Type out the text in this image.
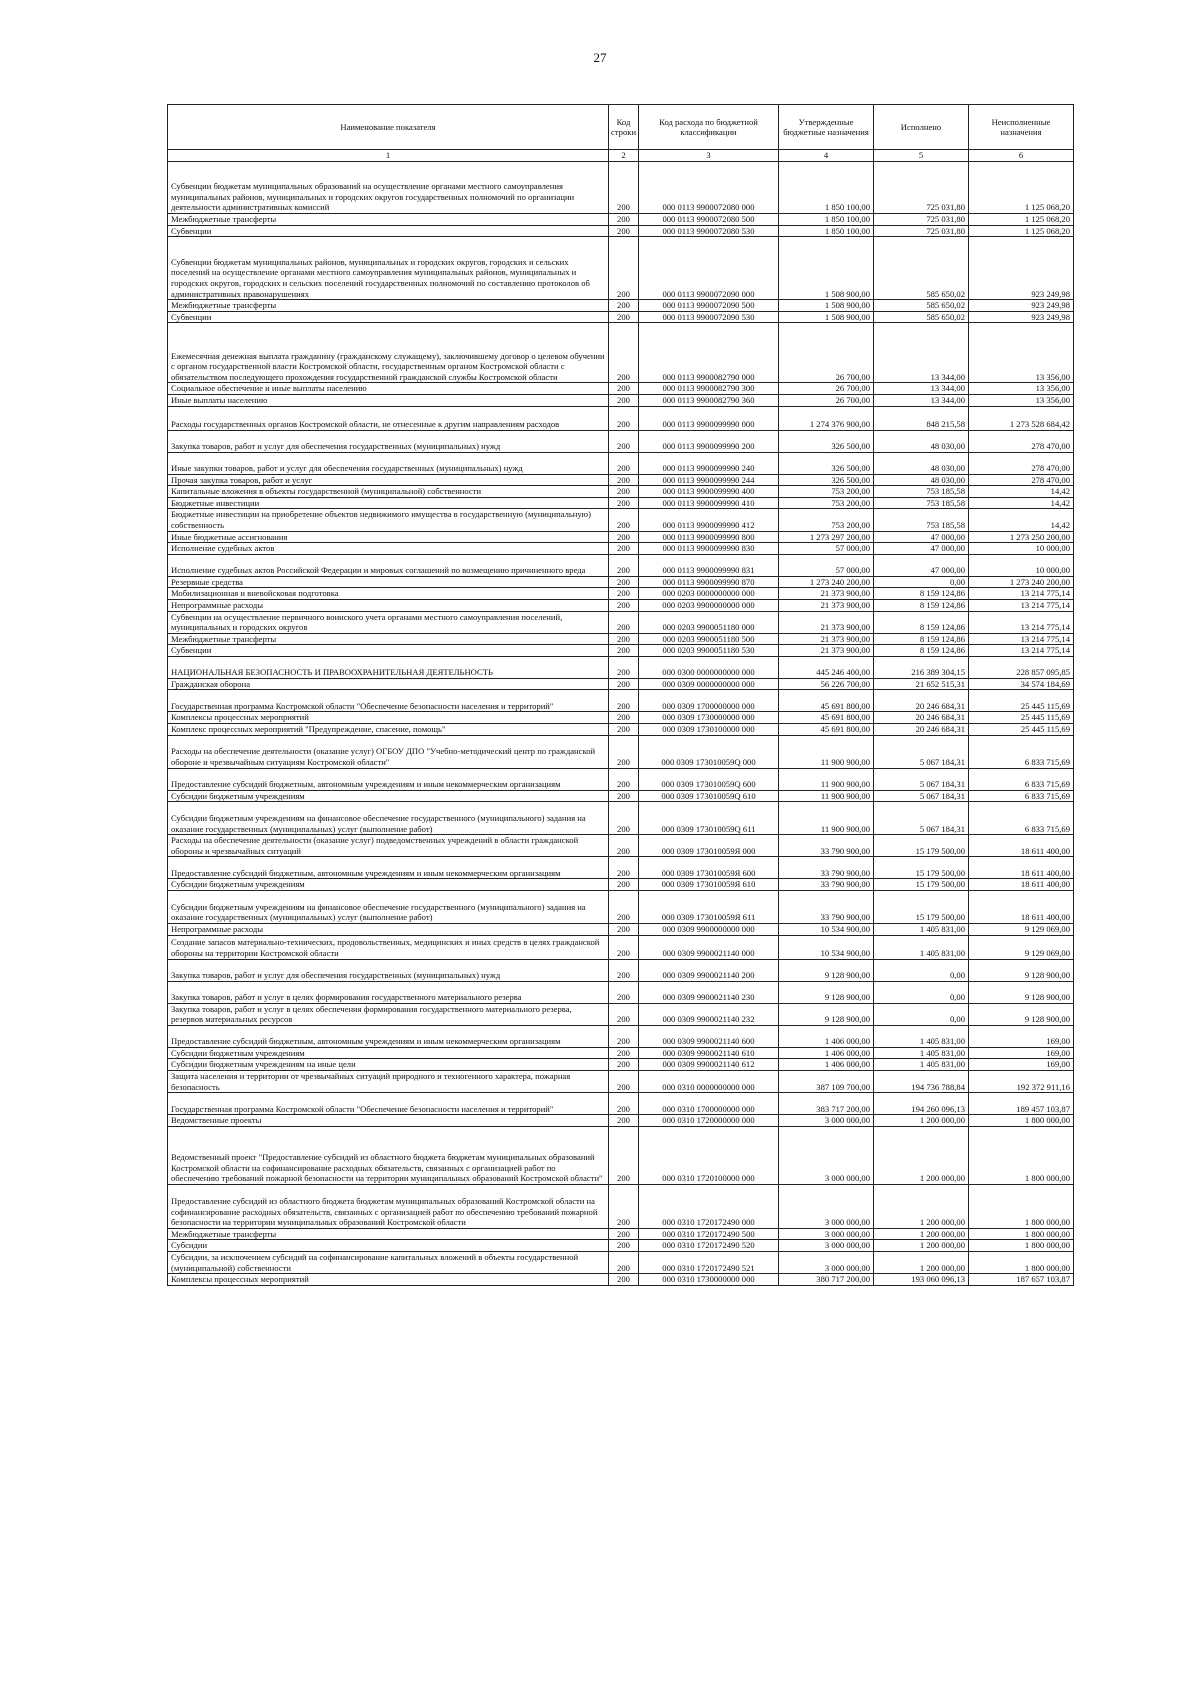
27
Наименование показателя	Код строки	Код расхода по бюджетной классификации	Утвержденные бюджетные назначения	Исполнено	Неисполненные назначения
1	2	3	4	5	6
Субвенции бюджетам муниципальных образований на осуществление органами местного самоуправления муниципальных районов, муниципальных и городских округов государственных полномочий по организации деятельности административных комиссий	200	000 0113 9900072080 000	1 850 100,00	725 031,80	1 125 068,20
Межбюджетные трансферты	200	000 0113 9900072080 500	1 850 100,00	725 031,80	1 125 068,20
Субвенции	200	000 0113 9900072080 530	1 850 100,00	725 031,80	1 125 068,20
Субвенции бюджетам муниципальных районов, муниципальных и городских округов, городских и сельских поселений на осуществление органами местного самоуправления муниципальных районов, муниципальных и городских округов, городских и сельских поселений государственных полномочий по составлению протоколов об административных правонарушениях	200	000 0113 9900072090 000	1 508 900,00	585 650,02	923 249,98
Межбюджетные трансферты	200	000 0113 9900072090 500	1 508 900,00	585 650,02	923 249,98
Субвенции	200	000 0113 9900072090 530	1 508 900,00	585 650,02	923 249,98
Ежемесячная денежная выплата гражданину (гражданскому служащему), заключившему договор о целевом обучении с органом государственной власти Костромской области, государственным органом Костромской области с обязательством последующего прохождения государственной гражданской службы Костромской области	200	000 0113 9900082790 000	26 700,00	13 344,00	13 356,00
Социальное обеспечение и иные выплаты населению	200	000 0113 9900082790 300	26 700,00	13 344,00	13 356,00
Иные выплаты населению	200	000 0113 9900082790 360	26 700,00	13 344,00	13 356,00
Расходы государственных органов Костромской области, не отнесенные к другим направлениям расходов	200	000 0113 9900099990 000	1 274 376 900,00	848 215,58	1 273 528 684,42
Закупка товаров, работ и услуг для обеспечения государственных (муниципальных) нужд	200	000 0113 9900099990 200	326 500,00	48 030,00	278 470,00
Иные закупки товаров, работ и услуг для обеспечения государственных (муниципальных) нужд	200	000 0113 9900099990 240	326 500,00	48 030,00	278 470,00
Прочая закупка товаров, работ и услуг	200	000 0113 9900099990 244	326 500,00	48 030,00	278 470,00
Капитальные вложения в объекты государственной (муниципальной) собственности	200	000 0113 9900099990 400	753 200,00	753 185,58	14,42
Бюджетные инвестиции	200	000 0113 9900099990 410	753 200,00	753 185,58	14,42
Бюджетные инвестиции на приобретение объектов недвижимого имущества в государственную (муниципальную) собственность	200	000 0113 9900099990 412	753 200,00	753 185,58	14,42
Иные бюджетные ассигнования	200	000 0113 9900099990 800	1 273 297 200,00	47 000,00	1 273 250 200,00
Исполнение судебных актов	200	000 0113 9900099990 830	57 000,00	47 000,00	10 000,00
Исполнение судебных актов Российской Федерации и мировых соглашений по возмещению причиненного вреда	200	000 0113 9900099990 831	57 000,00	47 000,00	10 000,00
Резервные средства	200	000 0113 9900099990 870	1 273 240 200,00	0,00	1 273 240 200,00
Мобилизационная и вневойсковая подготовка	200	000 0203 0000000000 000	21 373 900,00	8 159 124,86	13 214 775,14
Непрограммные расходы	200	000 0203 9900000000 000	21 373 900,00	8 159 124,86	13 214 775,14
Субвенции на осуществление первичного воинского учета органами местного самоуправления поселений, муниципальных и городских округов	200	000 0203 9900051180 000	21 373 900,00	8 159 124,86	13 214 775,14
Межбюджетные трансферты	200	000 0203 9900051180 500	21 373 900,00	8 159 124,86	13 214 775,14
Субвенции	200	000 0203 9900051180 530	21 373 900,00	8 159 124,86	13 214 775,14
НАЦИОНАЛЬНАЯ БЕЗОПАСНОСТЬ И ПРАВООХРАНИТЕЛЬНАЯ ДЕЯТЕЛЬНОСТЬ	200	000 0300 0000000000 000	445 246 400,00	216 389 304,15	228 857 095,85
Гражданская оборона	200	000 0309 0000000000 000	56 226 700,00	21 652 515,31	34 574 184,69
Государственная программа Костромской области "Обеспечение безопасности населения и территорий"	200	000 0309 1700000000 000	45 691 800,00	20 246 684,31	25 445 115,69
Комплексы процессных мероприятий	200	000 0309 1730000000 000	45 691 800,00	20 246 684,31	25 445 115,69
Комплекс процессных мероприятий "Предупреждение, спасение, помощь"	200	000 0309 1730100000 000	45 691 800,00	20 246 684,31	25 445 115,69
Расходы на обеспечение деятельности (оказание услуг) ОГБОУ ДПО "Учебно-методический центр по гражданской обороне и чрезвычайным ситуациям Костромской области"	200	000 0309 173010059Q 000	11 900 900,00	5 067 184,31	6 833 715,69
Предоставление субсидий бюджетным, автономным учреждениям и иным некоммерческим организациям	200	000 0309 173010059Q 600	11 900 900,00	5 067 184,31	6 833 715,69
Субсидии бюджетным учреждениям	200	000 0309 173010059Q 610	11 900 900,00	5 067 184,31	6 833 715,69
Субсидии бюджетным учреждениям на финансовое обеспечение государственного (муниципального) задания на оказание государственных (муниципальных) услуг (выполнение работ)	200	000 0309 173010059Q 611	11 900 900,00	5 067 184,31	6 833 715,69
Расходы на обеспечение деятельности (оказание услуг) подведомственных учреждений в области гражданской обороны и чрезвычайных ситуаций	200	000 0309 173010059Я 000	33 790 900,00	15 179 500,00	18 611 400,00
Предоставление субсидий бюджетным, автономным учреждениям и иным некоммерческим организациям	200	000 0309 173010059Я 600	33 790 900,00	15 179 500,00	18 611 400,00
Субсидии бюджетным учреждениям	200	000 0309 173010059Я 610	33 790 900,00	15 179 500,00	18 611 400,00
Субсидии бюджетным учреждениям на финансовое обеспечение государственного (муниципального) задания на оказание государственных (муниципальных) услуг (выполнение работ)	200	000 0309 173010059Я 611	33 790 900,00	15 179 500,00	18 611 400,00
Непрограммные расходы	200	000 0309 9900000000 000	10 534 900,00	1 405 831,00	9 129 069,00
Создание запасов материально-технических, продовольственных, медицинских и иных средств в целях гражданской обороны на территории Костромской области	200	000 0309 9900021140 000	10 534 900,00	1 405 831,00	9 129 069,00
Закупка товаров, работ и услуг для обеспечения государственных (муниципальных) нужд	200	000 0309 9900021140 200	9 128 900,00	0,00	9 128 900,00
Закупка товаров, работ и услуг в целях формирования государственного материального резерва	200	000 0309 9900021140 230	9 128 900,00	0,00	9 128 900,00
Закупка товаров, работ и услуг в целях обеспечения формирования государственного материального резерва, резервов материальных ресурсов	200	000 0309 9900021140 232	9 128 900,00	0,00	9 128 900,00
Предоставление субсидий бюджетным, автономным учреждениям и иным некоммерческим организациям	200	000 0309 9900021140 600	1 406 000,00	1 405 831,00	169,00
Субсидии бюджетным учреждениям	200	000 0309 9900021140 610	1 406 000,00	1 405 831,00	169,00
Субсидии бюджетным учреждениям на иные цели	200	000 0309 9900021140 612	1 406 000,00	1 405 831,00	169,00
Защита населения и территории от чрезвычайных ситуаций природного и техногенного характера, пожарная безопасность	200	000 0310 0000000000 000	387 109 700,00	194 736 788,84	192 372 911,16
Государственная программа Костромской области "Обеспечение безопасности населения и территорий"	200	000 0310 1700000000 000	383 717 200,00	194 260 096,13	189 457 103,87
Ведомственные проекты	200	000 0310 1720000000 000	3 000 000,00	1 200 000,00	1 800 000,00
Ведомственный проект "Предоставление субсидий из областного бюджета бюджетам муниципальных образований Костромской области на софинансирование расходных обязательств, связанных с организацией работ по обеспечению требований пожарной безопасности на территории муниципальных образований Костромской области"	200	000 0310 1720100000 000	3 000 000,00	1 200 000,00	1 800 000,00
Предоставление субсидий из областного бюджета бюджетам муниципальных образований Костромской области на софинансирование расходных обязательств, связанных с организацией работ по обеспечению требований пожарной безопасности на территории муниципальных образований Костромской области	200	000 0310 1720172490 000	3 000 000,00	1 200 000,00	1 800 000,00
Межбюджетные трансферты	200	000 0310 1720172490 500	3 000 000,00	1 200 000,00	1 800 000,00
Субсидии	200	000 0310 1720172490 520	3 000 000,00	1 200 000,00	1 800 000,00
Субсидии, за исключением субсидий на софинансирование капитальных вложений в объекты государственной (муниципальной) собственности	200	000 0310 1720172490 521	3 000 000,00	1 200 000,00	1 800 000,00
Комплексы процессных мероприятий	200	000 0310 1730000000 000	380 717 200,00	193 060 096,13	187 657 103,87
